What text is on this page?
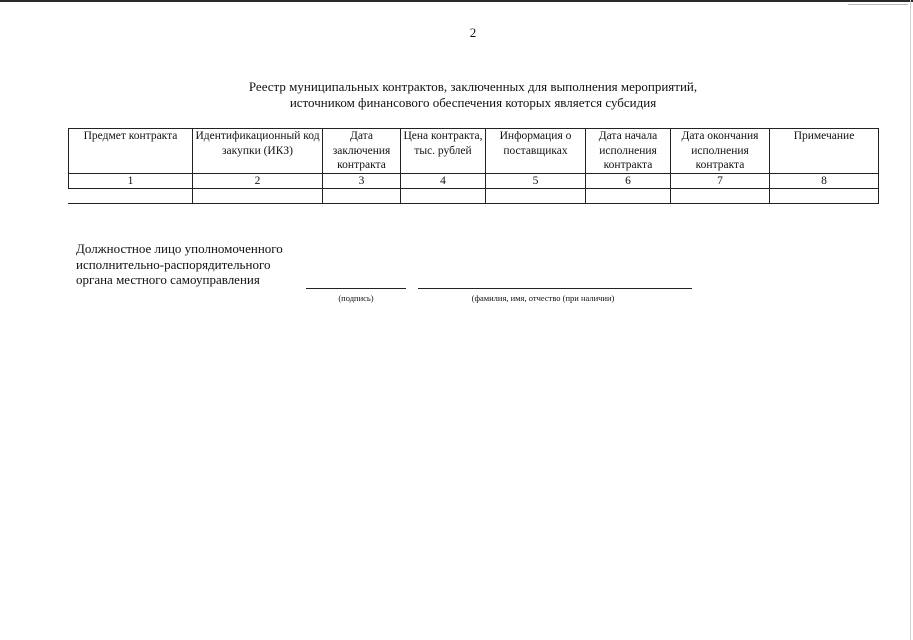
2
Реестр муниципальных контрактов, заключенных для выполнения мероприятий,
источником финансового обеспечения которых является субсидия
Предмет контракта	Идентификационный код закупки (ИКЗ)	Дата заключения контракта	Цена контракта, тыс. рублей	Информация о поставщиках	Дата начала исполнения контракта	Дата окончания исполнения контракта	Примечание
1	2	3	4	5	6	7	8

Должностное лицо уполномоченного
исполнительно-распорядительного
органа местного самоуправления
(подпись)	(фамилия, имя, отчество (при наличии)
